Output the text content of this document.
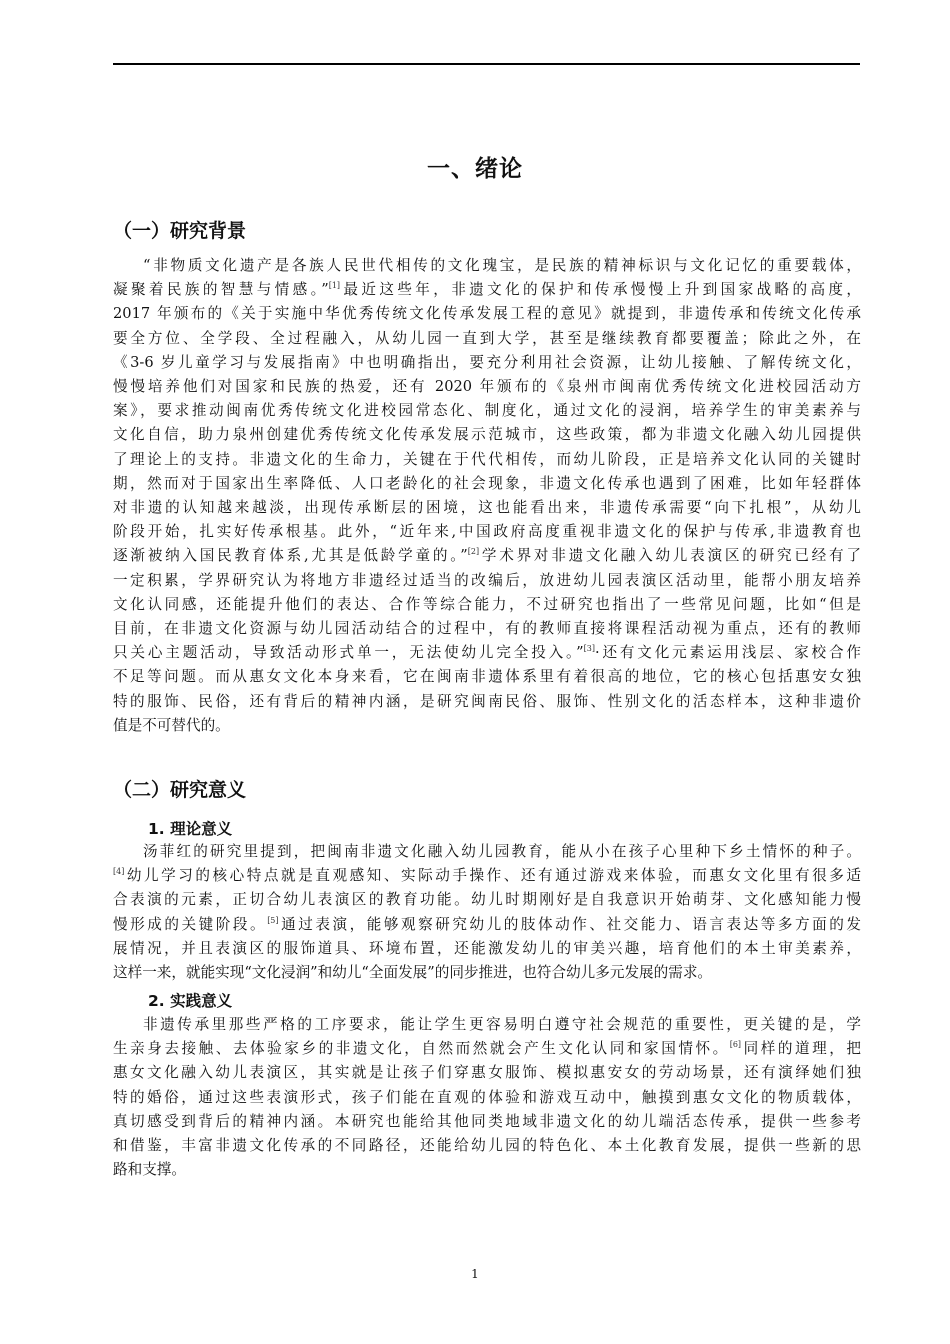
一、绪论
（一）研究背景
“非物质文化遗产是各族人民世代相传的文化瑰宝，是民族的精神标识与文化记忆的重要载体，
凝聚着民族的智慧与情感。”[1]最近这些年，非遗文化的保护和传承慢慢上升到国家战略的高度，
2017 年颁布的《关于实施中华优秀传统文化传承发展工程的意见》就提到，非遗传承和传统文化传承
要全方位、全学段、全过程融入，从幼儿园一直到大学，甚至是继续教育都要覆盖；除此之外，在
《3-6 岁儿童学习与发展指南》中也明确指出，要充分利用社会资源，让幼儿接触、了解传统文化，
慢慢培养他们对国家和民族的热爱，还有 2020 年颁布的《泉州市闽南优秀传统文化进校园活动方
案》，要求推动闽南优秀传统文化进校园常态化、制度化，通过文化的浸润，培养学生的审美素养与
文化自信，助力泉州创建优秀传统文化传承发展示范城市，这些政策，都为非遗文化融入幼儿园提供
了理论上的支持。非遗文化的生命力，关键在于代代相传，而幼儿阶段，正是培养文化认同的关键时
期，然而对于国家出生率降低、人口老龄化的社会现象，非遗文化传承也遇到了困难，比如年轻群体
对非遗的认知越来越淡，出现传承断层的困境，这也能看出来，非遗传承需要“向下扎根”，从幼儿
阶段开始，扎实好传承根基。此外，“近年来,中国政府高度重视非遗文化的保护与传承,非遗教育也
逐渐被纳入国民教育体系,尤其是低龄学童的。”[2]学术界对非遗文化融入幼儿表演区的研究已经有了
一定积累，学界研究认为将地方非遗经过适当的改编后，放进幼儿园表演区活动里，能帮小朋友培养
文化认同感，还能提升他们的表达、合作等综合能力，不过研究也指出了一些常见问题，比如“但是
目前，在非遗文化资源与幼儿园活动结合的过程中，有的教师直接将课程活动视为重点，还有的教师
只关心主题活动，导致活动形式单一，无法使幼儿完全投入。”[3]·还有文化元素运用浅层、家校合作
不足等问题。而从惠女文化本身来看，它在闽南非遗体系里有着很高的地位，它的核心包括惠安女独
特的服饰、民俗，还有背后的精神内涵，是研究闽南民俗、服饰、性别文化的活态样本，这种非遗价
值是不可替代的。
（二）研究意义
1. 理论意义
汤菲红的研究里提到，把闽南非遗文化融入幼儿园教育，能从小在孩子心里种下乡土情怀的种子。
[4]幼儿学习的核心特点就是直观感知、实际动手操作、还有通过游戏来体验，而惠女文化里有很多适
合表演的元素，正切合幼儿表演区的教育功能。幼儿时期刚好是自我意识开始萌芽、文化感知能力慢
慢形成的关键阶段。[5]通过表演，能够观察研究幼儿的肢体动作、社交能力、语言表达等多方面的发
展情况，并且表演区的服饰道具、环境布置，还能激发幼儿的审美兴趣，培育他们的本土审美素养，
这样一来，就能实现“文化浸润”和幼儿“全面发展”的同步推进，也符合幼儿多元发展的需求。
2. 实践意义
非遗传承里那些严格的工序要求，能让学生更容易明白遵守社会规范的重要性，更关键的是，学
生亲身去接触、去体验家乡的非遗文化，自然而然就会产生文化认同和家国情怀。[6]同样的道理，把
惠女文化融入幼儿表演区，其实就是让孩子们穿惠女服饰、模拟惠安女的劳动场景，还有演绎她们独
特的婚俗，通过这些表演形式，孩子们能在直观的体验和游戏互动中，触摸到惠女文化的物质载体，
真切感受到背后的精神内涵。本研究也能给其他同类地域非遗文化的幼儿端活态传承，提供一些参考
和借鉴，丰富非遗文化传承的不同路径，还能给幼儿园的特色化、本土化教育发展，提供一些新的思
路和支撑。
1
